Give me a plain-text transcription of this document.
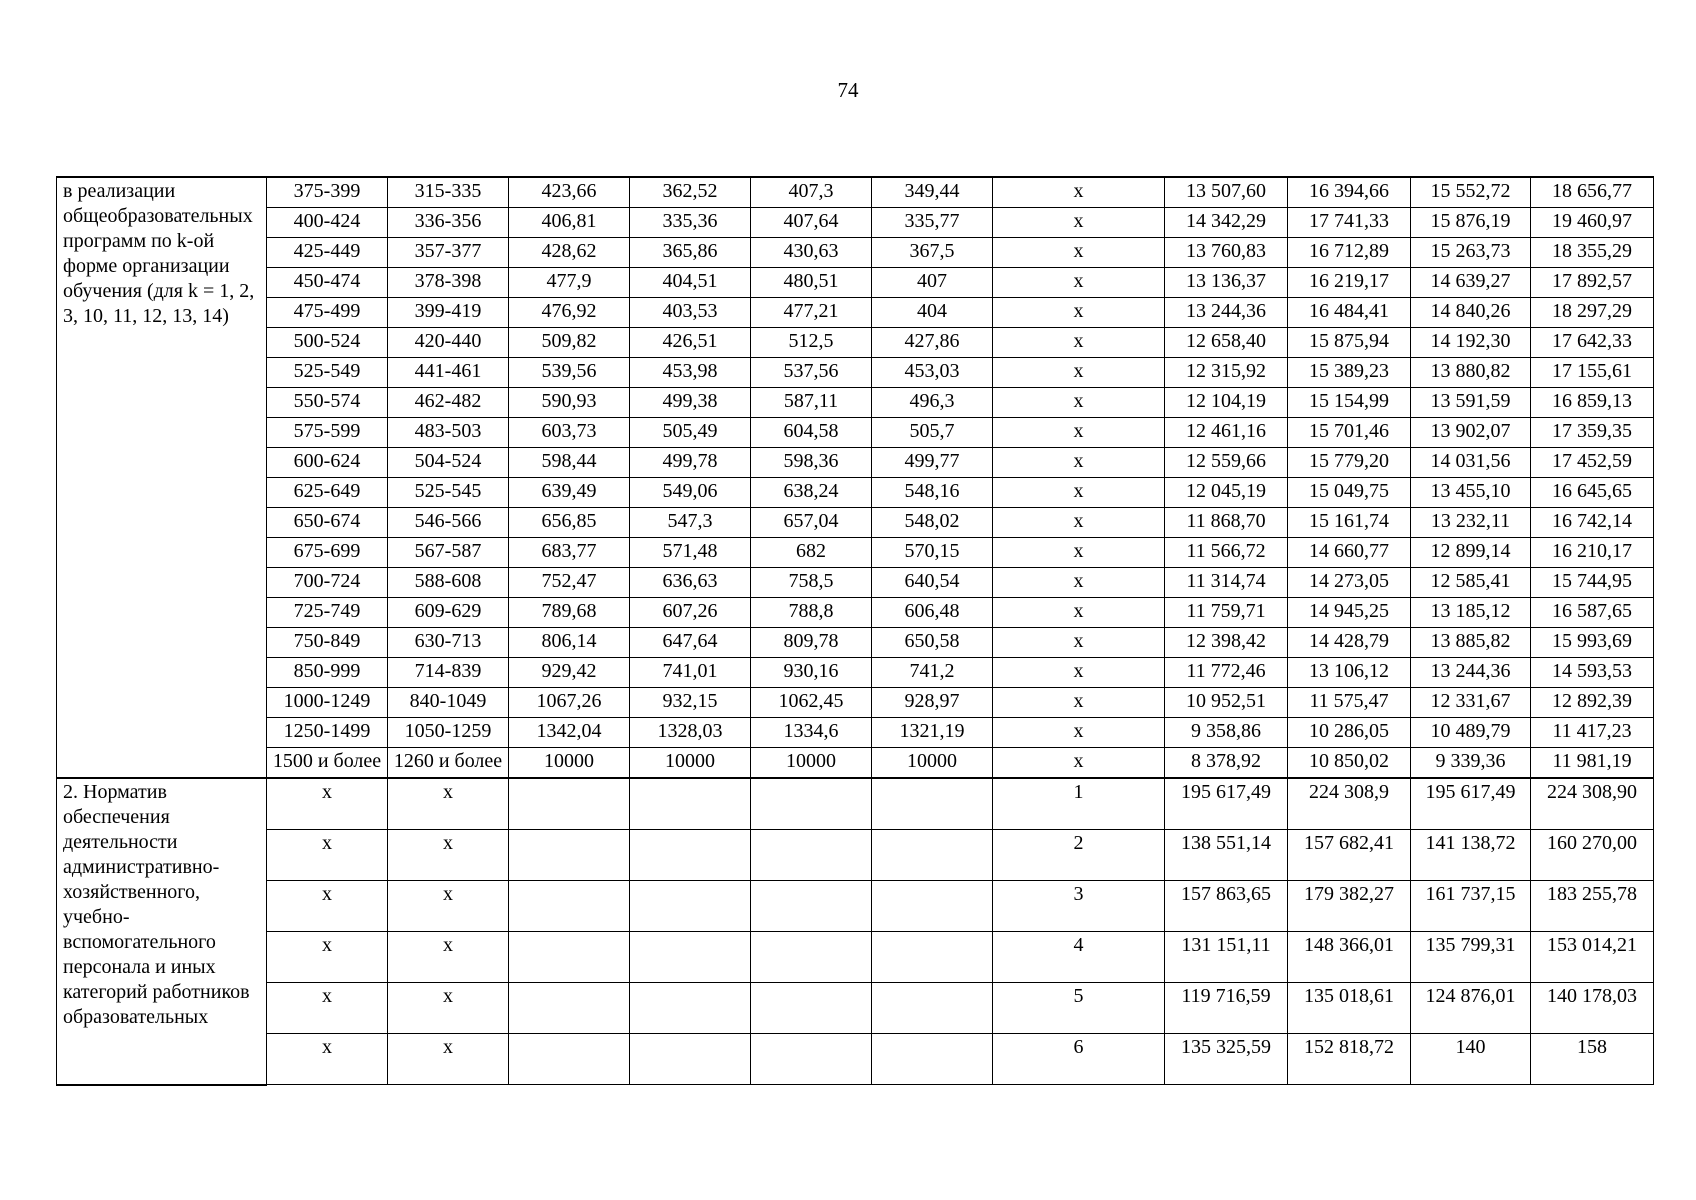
74
в реализации общеобразовательных программ по k-ой форме организации обучения (для k = 1, 2, 3, 10, 11, 12, 13, 14)	375-399	315-335	423,66	362,52	407,3	349,44	x	13 507,60	16 394,66	15 552,72	18 656,77
	400-424	336-356	406,81	335,36	407,64	335,77	x	14 342,29	17 741,33	15 876,19	19 460,97
	425-449	357-377	428,62	365,86	430,63	367,5	x	13 760,83	16 712,89	15 263,73	18 355,29
	450-474	378-398	477,9	404,51	480,51	407	x	13 136,37	16 219,17	14 639,27	17 892,57
	475-499	399-419	476,92	403,53	477,21	404	x	13 244,36	16 484,41	14 840,26	18 297,29
	500-524	420-440	509,82	426,51	512,5	427,86	x	12 658,40	15 875,94	14 192,30	17 642,33
	525-549	441-461	539,56	453,98	537,56	453,03	x	12 315,92	15 389,23	13 880,82	17 155,61
	550-574	462-482	590,93	499,38	587,11	496,3	x	12 104,19	15 154,99	13 591,59	16 859,13
	575-599	483-503	603,73	505,49	604,58	505,7	x	12 461,16	15 701,46	13 902,07	17 359,35
	600-624	504-524	598,44	499,78	598,36	499,77	x	12 559,66	15 779,20	14 031,56	17 452,59
	625-649	525-545	639,49	549,06	638,24	548,16	x	12 045,19	15 049,75	13 455,10	16 645,65
	650-674	546-566	656,85	547,3	657,04	548,02	x	11 868,70	15 161,74	13 232,11	16 742,14
	675-699	567-587	683,77	571,48	682	570,15	x	11 566,72	14 660,77	12 899,14	16 210,17
	700-724	588-608	752,47	636,63	758,5	640,54	x	11 314,74	14 273,05	12 585,41	15 744,95
	725-749	609-629	789,68	607,26	788,8	606,48	x	11 759,71	14 945,25	13 185,12	16 587,65
	750-849	630-713	806,14	647,64	809,78	650,58	x	12 398,42	14 428,79	13 885,82	15 993,69
	850-999	714-839	929,42	741,01	930,16	741,2	x	11 772,46	13 106,12	13 244,36	14 593,53
	1000-1249	840-1049	1067,26	932,15	1062,45	928,97	x	10 952,51	11 575,47	12 331,67	12 892,39
	1250-1499	1050-1259	1342,04	1328,03	1334,6	1321,19	x	9 358,86	10 286,05	10 489,79	11 417,23
	1500 и более	1260 и более	10000	10000	10000	10000	x	8 378,92	10 850,02	9 339,36	11 981,19
2. Норматив обеспечения деятельности административно-хозяйственного, учебно-вспомогательного персонала и иных категорий работников образовательных	x	x					1	195 617,49	224 308,9	195 617,49	224 308,90
	x	x					2	138 551,14	157 682,41	141 138,72	160 270,00
	x	x					3	157 863,65	179 382,27	161 737,15	183 255,78
	x	x					4	131 151,11	148 366,01	135 799,31	153 014,21
	x	x					5	119 716,59	135 018,61	124 876,01	140 178,03
	x	x					6	135 325,59	152 818,72	140	158
